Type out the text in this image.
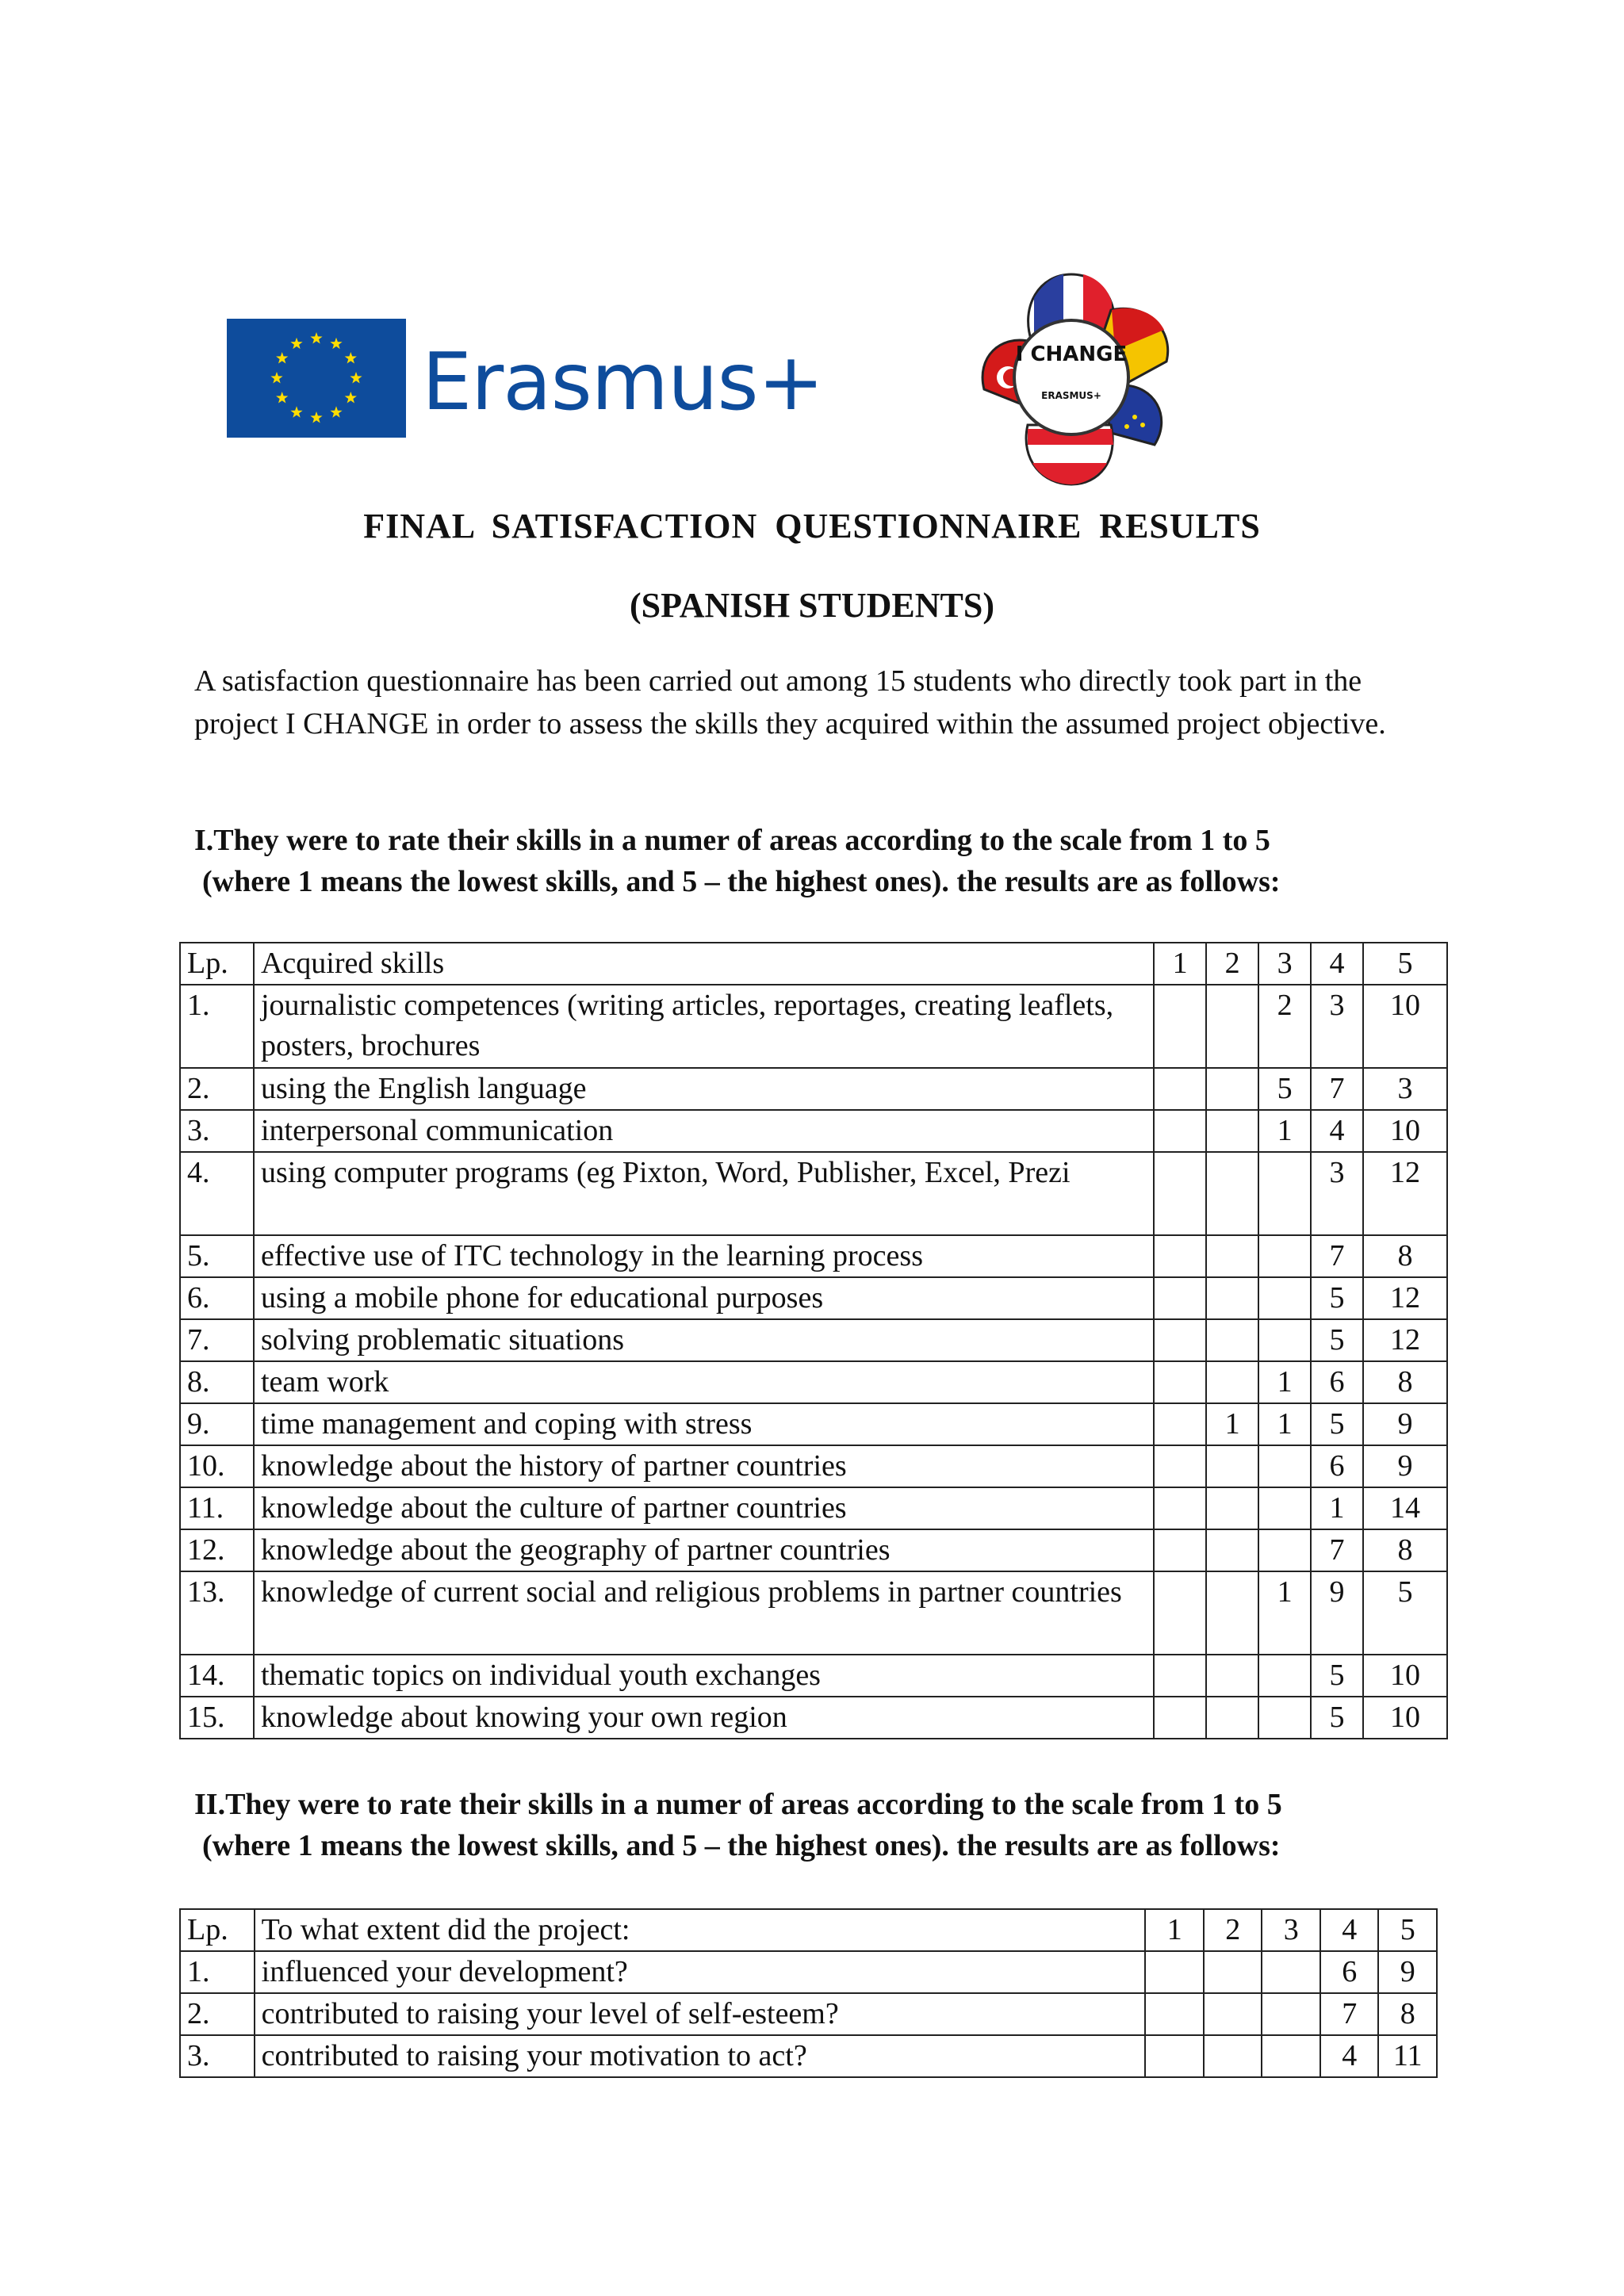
Erasmus+	I CHANGE
ERASMUS+
FINAL SATISFACTION QUESTIONNAIRE RESULTS
(SPANISH STUDENTS)

A satisfaction questionnaire has been carried out among 15 students who directly took part in the project I CHANGE in order to assess the skills they acquired within the assumed project objective.

I.They were to rate their skills in a numer of areas according to the scale from 1 to 5
(where 1 means the lowest skills, and 5 – the highest ones). the results are as follows:
Lp.	Acquired skills	1	2	3	4	5
1.	journalistic competences (writing articles, reportages, creating leaflets, posters, brochures			2	3	10
2.	using the English language			5	7	3
3.	interpersonal communication			1	4	10
4.	using computer programs (eg Pixton, Word, Publisher, Excel, Prezi				3	12
5.	effective use of ITC technology in the learning process				7	8
6.	using a mobile phone for educational purposes				5	12
7.	solving problematic situations				5	12
8.	team work			1	6	8
9.	time management and coping with stress		1	1	5	9
10.	knowledge about the history of partner countries				6	9
11.	knowledge about the culture of partner countries				1	14
12.	knowledge about the geography of partner countries				7	8
13.	knowledge of current social and religious problems in partner countries			1	9	5
14.	thematic topics on individual youth exchanges				5	10
15.	knowledge about knowing your own region				5	10
II.They were to rate their skills in a numer of areas according to the scale from 1 to 5
(where 1 means the lowest skills, and 5 – the highest ones). the results are as follows:
Lp.	To what extent did the project:	1	2	3	4	5
1.	influenced your development?				6	9
2.	contributed to raising your level of self-esteem?				7	8
3.	contributed to raising your motivation to act?				4	11
